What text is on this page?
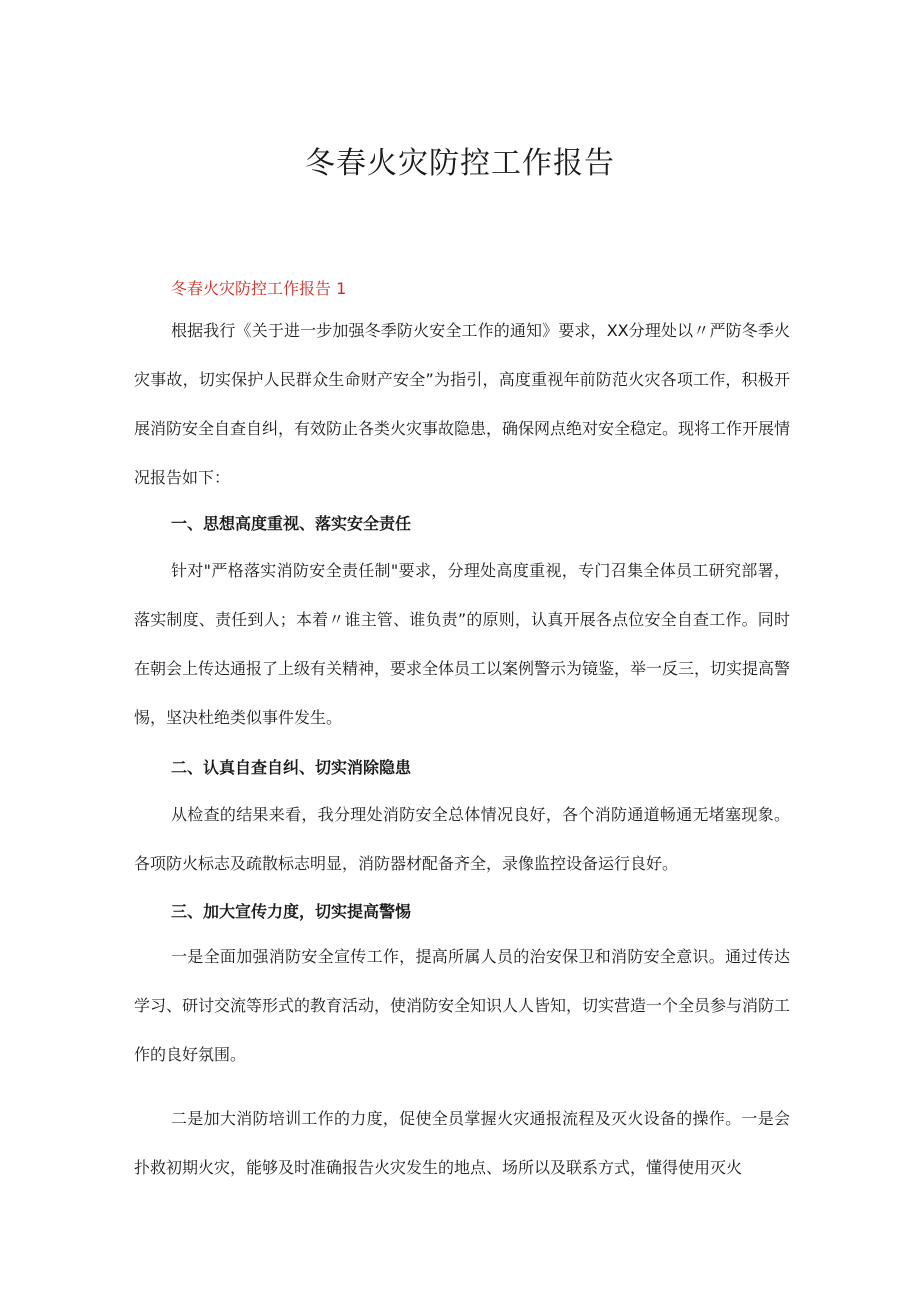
冬春火灾防控工作报告

冬春火灾防控工作报告 1

根据我行《关于进一步加强冬季防火安全工作的通知》要求，XX分理处以〃严防冬季火灾事故，切实保护人民群众生命财产安全”为指引，高度重视年前防范火灾各项工作，积极开展消防安全自查自纠，有效防止各类火灾事故隐患，确保网点绝对安全稳定。现将工作开展情况报告如下：

一、思想高度重视、落实安全责任

针对"严格落实消防安全责任制"要求，分理处高度重视，专门召集全体员工研究部署，落实制度、责任到人；本着〃谁主管、谁负责”的原则，认真开展各点位安全自查工作。同时在朝会上传达通报了上级有关精神，要求全体员工以案例警示为镜鉴，举一反三，切实提高警惕，坚决杜绝类似事件发生。

二、认真自查自纠、切实消除隐患

从检查的结果来看，我分理处消防安全总体情况良好，各个消防通道畅通无堵塞现象。各项防火标志及疏散标志明显，消防器材配备齐全，录像监控设备运行良好。

三、加大宣传力度，切实提高警惕

一是全面加强消防安全宣传工作，提高所属人员的治安保卫和消防安全意识。通过传达学习、研讨交流等形式的教育活动，使消防安全知识人人皆知，切实营造一个全员参与消防工作的良好氛围。

二是加大消防培训工作的力度，促使全员掌握火灾通报流程及灭火设备的操作。一是会扑救初期火灾，能够及时准确报告火灾发生的地点、场所以及联系方式，懂得使用灭火
